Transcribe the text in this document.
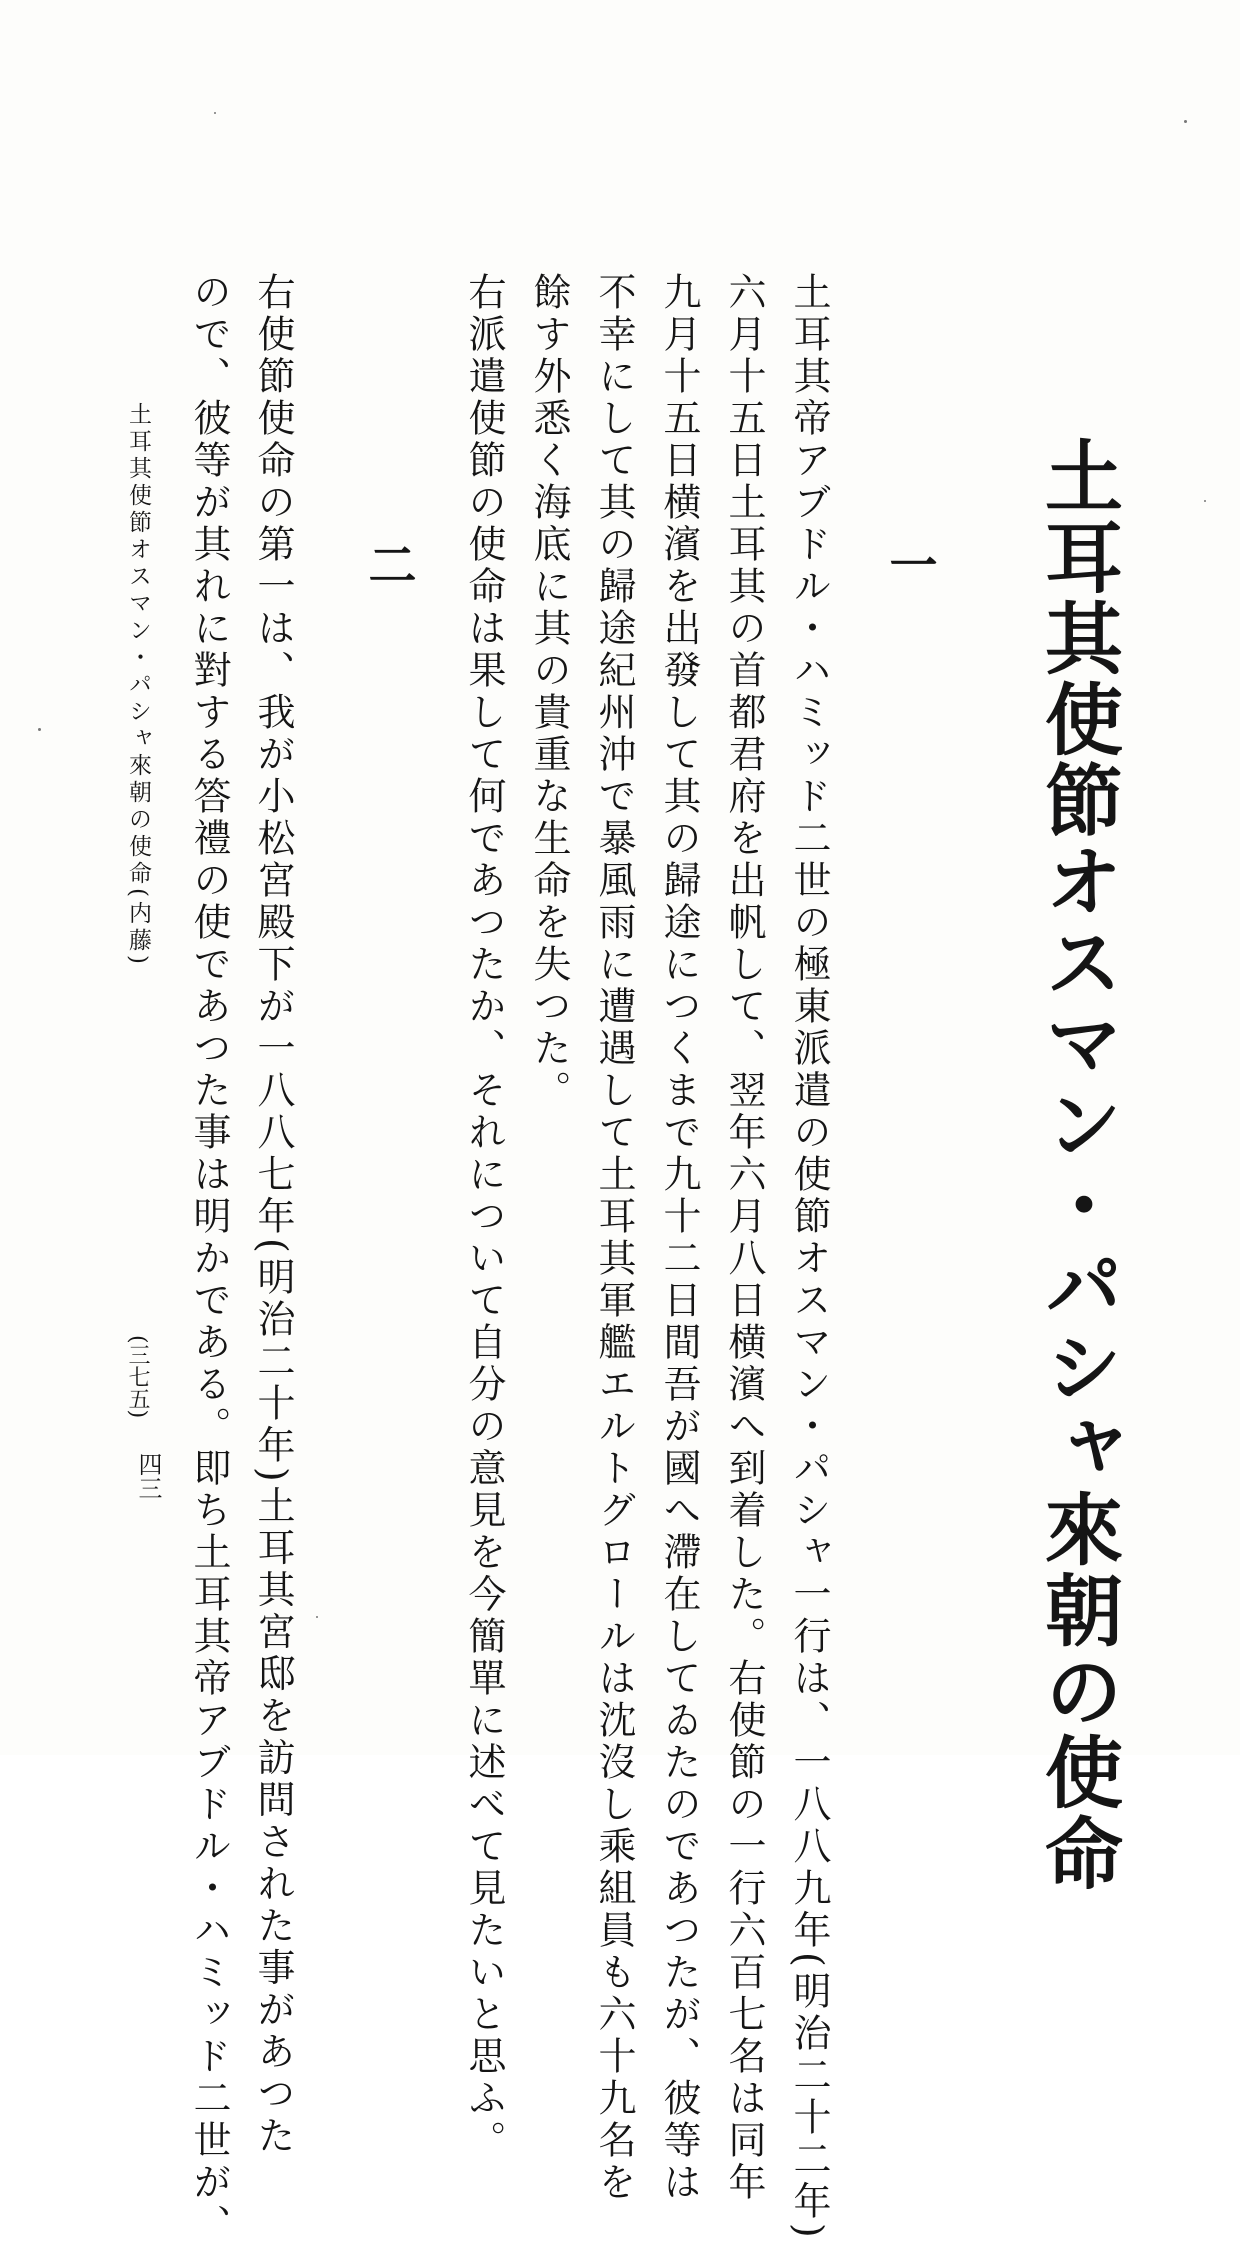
土耳其使節オスマン・パシャ來朝の使命
一
土耳其帝アブドル・ハミッド二世の極東派遣の使節オスマン・パシャ一行は、一八八九年(明治二十二年)
六月十五日土耳其の首都君府を出帆して、翌年六月八日横濱へ到着した。右使節の一行六百七名は同年
九月十五日横濱を出發して其の歸途につくまで九十二日間吾が國へ滯在してゐたのであつたが、彼等は
不幸にして其の歸途紀州沖で暴風雨に遭遇して土耳其軍艦エルトグロールは沈沒し乘組員も六十九名を
餘す外悉く海底に其の貴重な生命を失つた。
右派遣使節の使命は果して何であつたか、それについて自分の意見を今簡單に述べて見たいと思ふ。
二
右使節使命の第一は、我が小松宮殿下が一八八七年(明治二十年)土耳其宮邸を訪問された事があつた
ので、彼等が其れに對する答禮の使であつた事は明かである。即ち土耳其帝アブドル・ハミッド二世が、
土耳其使節オスマン・パシャ來朝の使命(内藤)
(三七五)
四三
